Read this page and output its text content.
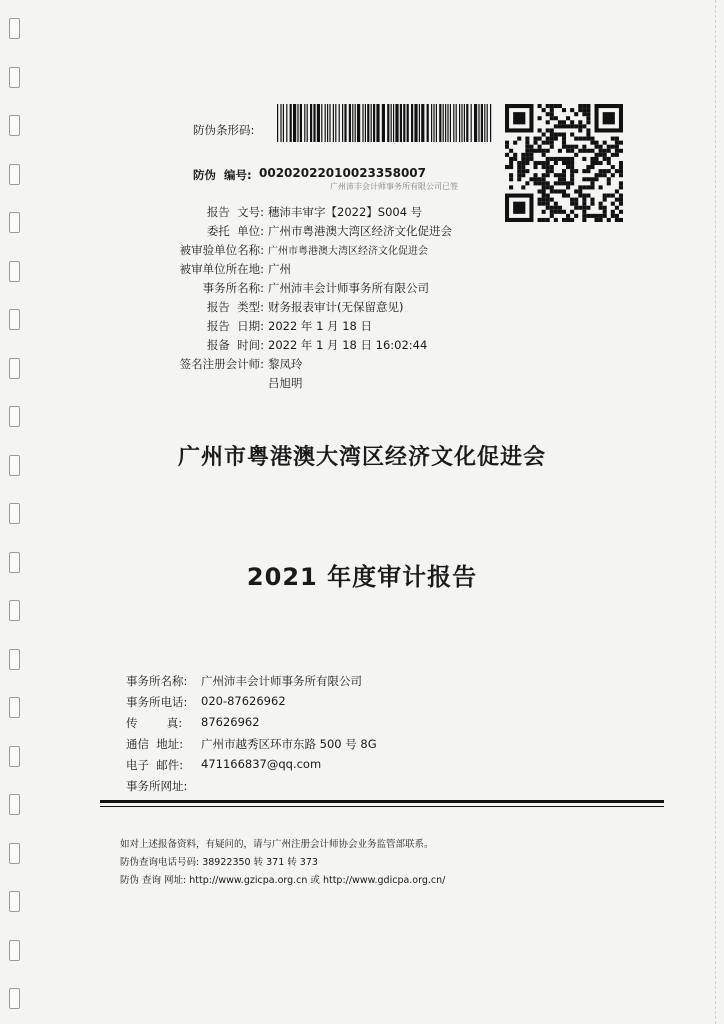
防伪条形码:
防伪  编号: 00202022010023358007
广州沛丰会计师事务所有限公司已签
报告  文号: 穗沛丰审字【2022】S004 号
委托  单位: 广州市粤港澳大湾区经济文化促进会
被审验单位名称: 广州市粤港澳大湾区经济文化促进会
被审单位所在地: 广州
事务所名称: 广州沛丰会计师事务所有限公司
报告  类型: 财务报表审计(无保留意见)
报告  日期: 2022 年 1 月 18 日
报备  时间: 2022 年 1 月 18 日 16:02:44
签名注册会计师: 黎凤玲
吕旭明
广州市粤港澳大湾区经济文化促进会
2021 年度审计报告
事务所名称: 广州沛丰会计师事务所有限公司
事务所电话: 020-87626962
传        真: 87626962
通信  地址: 广州市越秀区环市东路 500 号 8G
电子  邮件: 471166837@qq.com
事务所网址:
如对上述报备资料，有疑问的，请与广州注册会计师协会业务监管部联系。
防伪查询电话号码: 38922350 转 371 转 373
防伪 查询 网址: http://www.gzicpa.org.cn 或 http://www.gdicpa.org.cn/
